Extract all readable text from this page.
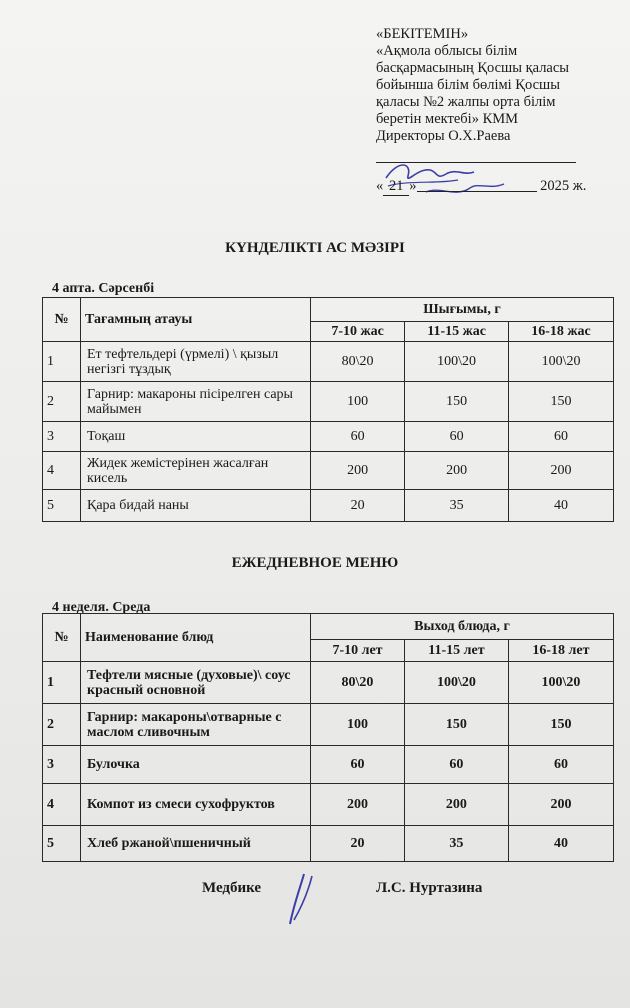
«БЕКІТЕМІН»
«Ақмола облысы білім
басқармасының Қосшы қаласы
бойынша білім бөлімі Қосшы
қаласы №2 жалпы орта білім
беретін мектебі» КММ
Директоры О.Х.Раева

« 21 »	2025 ж.
КҮНДЕЛІКТІ АС МӘЗІРІ
4 апта. Сәрсенбі
№	Тағамның атауы	Шығымы, г		
		7-10 жас	11-15 жас	16-18 жас
1	Ет тефтельдері (үрмелі) \ қызыл негізгі тұздық	80\20	100\20	100\20
2	Гарнир: макароны пісірелген сары майымен	100	150	150
3	Тоқаш	60	60	60
4	Жидек жемістерінен жасалған кисель	200	200	200
5	Қара бидай наны	20	35	40
ЕЖЕДНЕВНОЕ МЕНЮ
4 неделя. Среда
№	Наименование блюд	Выход блюда, г		
		7-10 лет	11-15 лет	16-18 лет
1	Тефтели мясные (духовые)\ соус красный основной	80\20	100\20	100\20
2	Гарнир: макароны\отварные с маслом сливочным	100	150	150
3	Булочка	60	60	60
4	Компот из смеси сухофруктов	200	200	200
5	Хлеб ржаной\пшеничный	20	35	40
Медбике	Л.С. Нуртазина
